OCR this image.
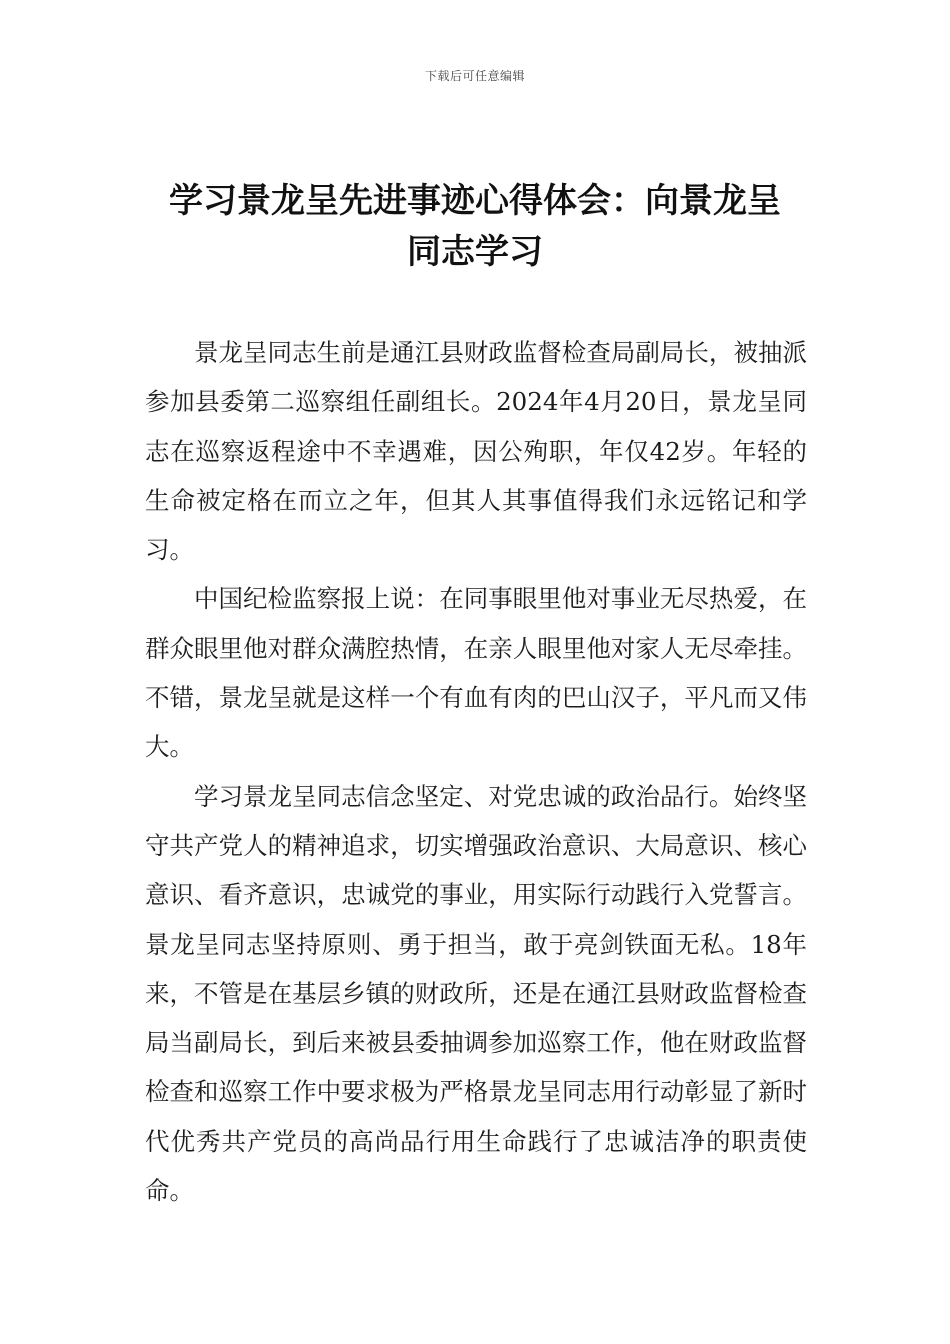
下载后可任意编辑
学习景龙呈先进事迹心得体会：向景龙呈
同志学习

景龙呈同志生前是通江县财政监督检查局副局长，被抽派参加县委第二巡察组任副组长。2024年4月20日，景龙呈同志在巡察返程途中不幸遇难，因公殉职，年仅42岁。年轻的生命被定格在而立之年，但其人其事值得我们永远铭记和学习。

中国纪检监察报上说：在同事眼里他对事业无尽热爱，在群众眼里他对群众满腔热情，在亲人眼里他对家人无尽牵挂。不错，景龙呈就是这样一个有血有肉的巴山汉子，平凡而又伟大。

学习景龙呈同志信念坚定、对党忠诚的政治品行。始终坚守共产党人的精神追求，切实增强政治意识、大局意识、核心意识、看齐意识，忠诚党的事业，用实际行动践行入党誓言。景龙呈同志坚持原则、勇于担当，敢于亮剑铁面无私。18年来，不管是在基层乡镇的财政所，还是在通江县财政监督检查局当副局长，到后来被县委抽调参加巡察工作，他在财政监督检查和巡察工作中要求极为严格景龙呈同志用行动彰显了新时代优秀共产党员的高尚品行用生命践行了忠诚洁净的职责使命。
